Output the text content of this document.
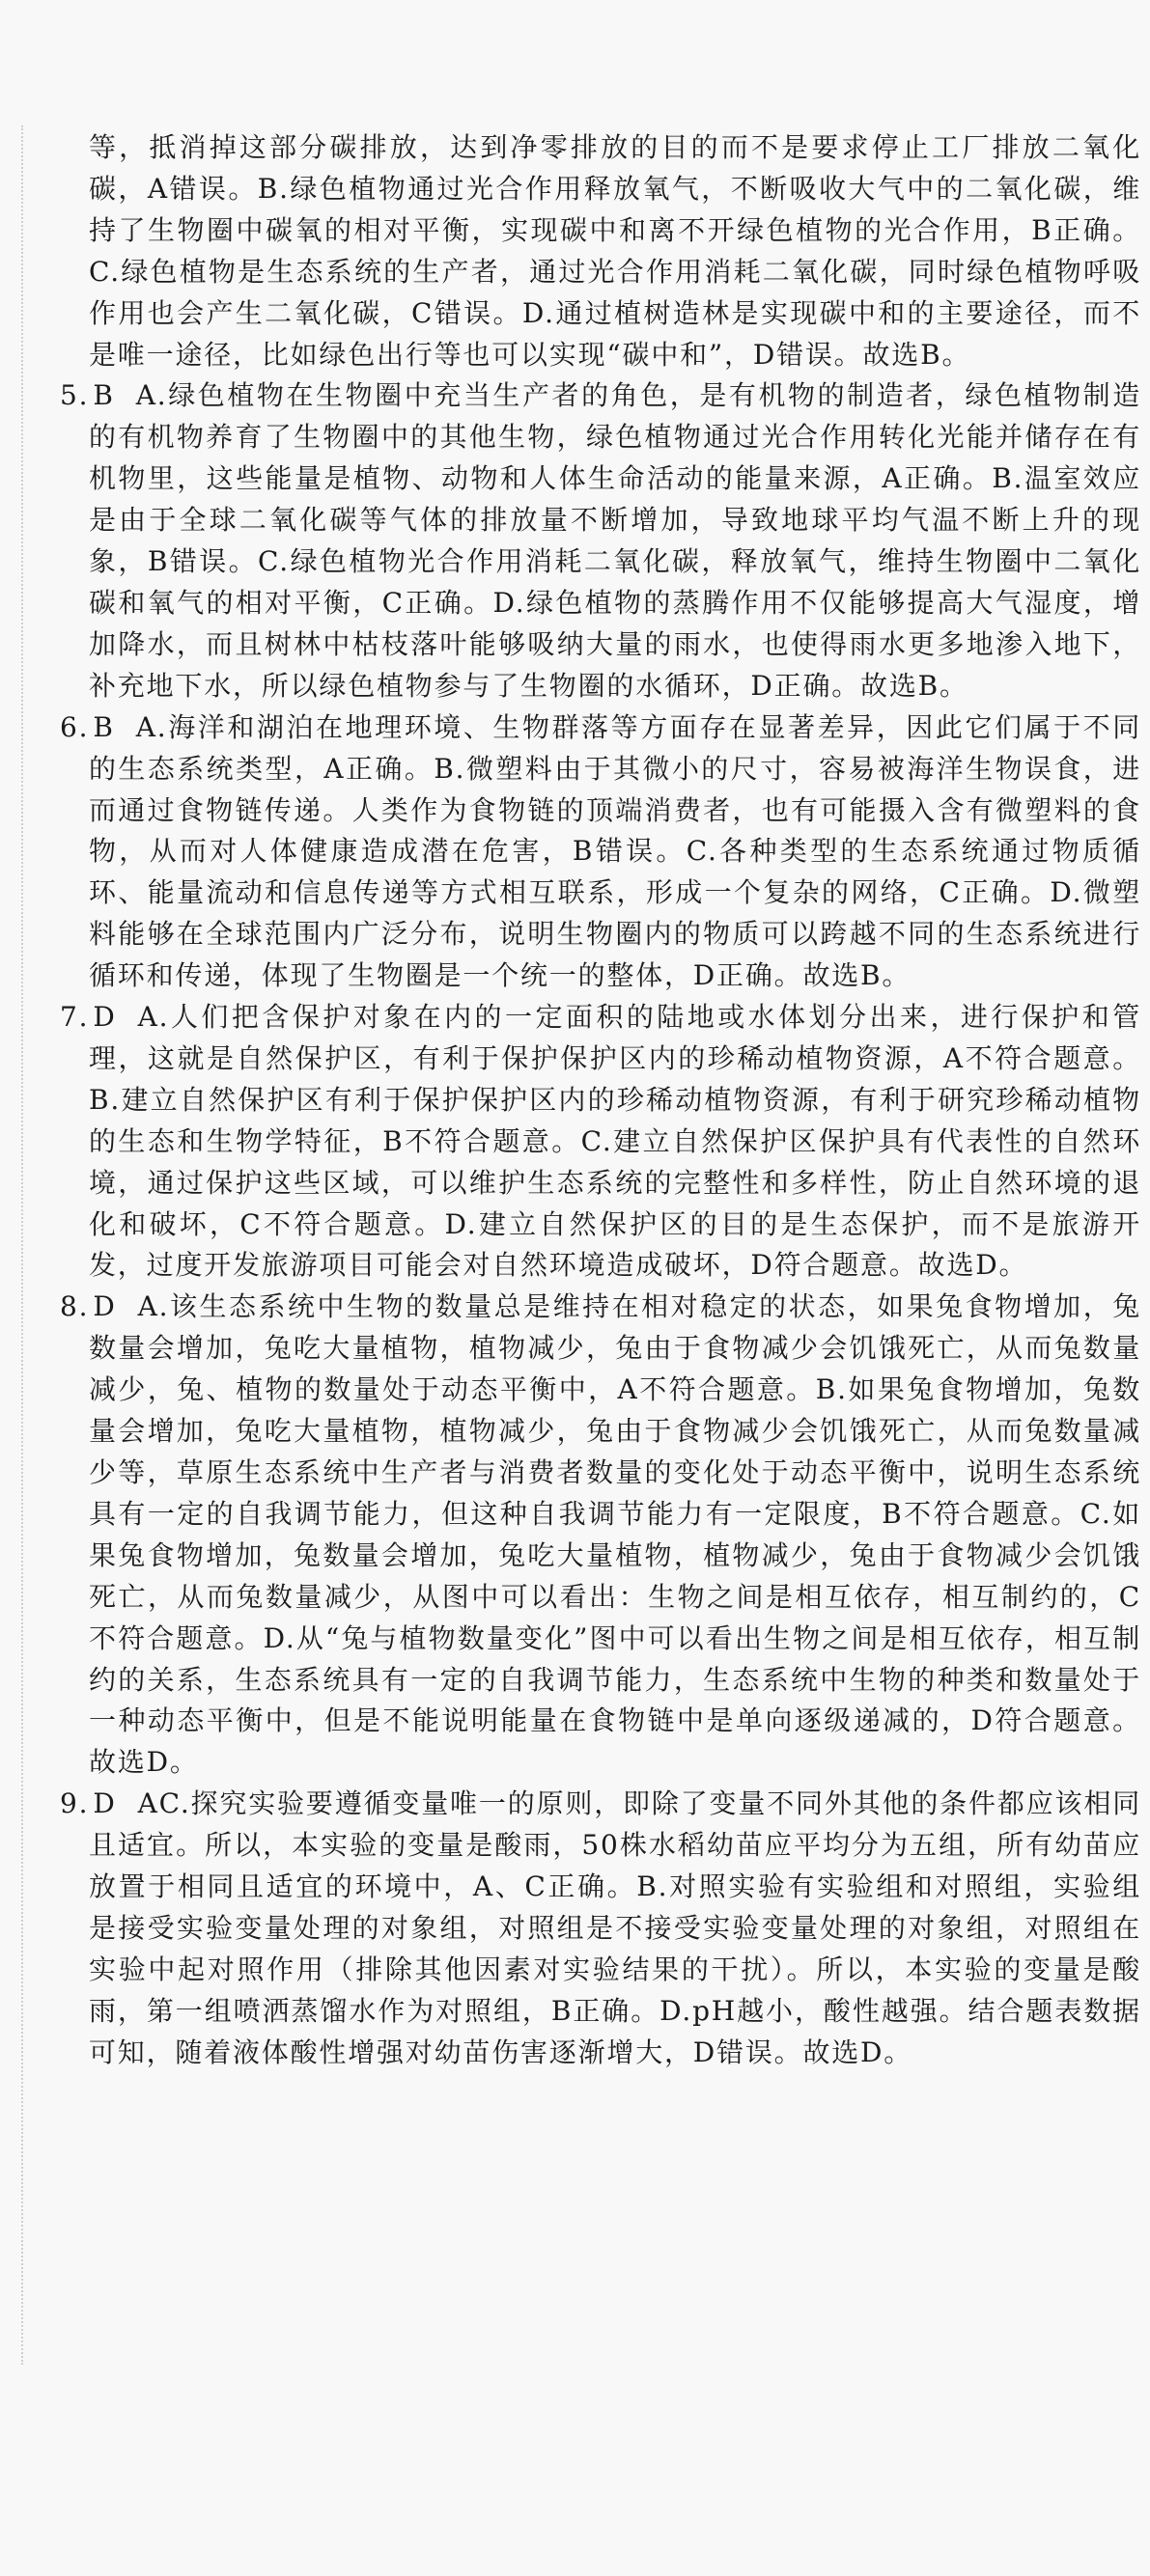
等，抵消掉这部分碳排放，达到净零排放的目的而不是要求停止工厂排放二氧化碳，A错误。B.绿色植物通过光合作用释放氧气，不断吸收大气中的二氧化碳，维持了生物圈中碳氧的相对平衡，实现碳中和离不开绿色植物的光合作用，B正确。C.绿色植物是生态系统的生产者，通过光合作用消耗二氧化碳，同时绿色植物呼吸作用也会产生二氧化碳，C错误。D.通过植树造林是实现碳中和的主要途径，而不是唯一途径，比如绿色出行等也可以实现“碳中和”，D错误。故选B。

5. B A.绿色植物在生物圈中充当生产者的角色，是有机物的制造者，绿色植物制造的有机物养育了生物圈中的其他生物，绿色植物通过光合作用转化光能并储存在有机物里，这些能量是植物、动物和人体生命活动的能量来源，A正确。B.温室效应是由于全球二氧化碳等气体的排放量不断增加，导致地球平均气温不断上升的现象，B错误。C.绿色植物光合作用消耗二氧化碳，释放氧气，维持生物圈中二氧化碳和氧气的相对平衡，C正确。D.绿色植物的蒸腾作用不仅能够提高大气湿度，增加降水，而且树林中枯枝落叶能够吸纳大量的雨水，也使得雨水更多地渗入地下，补充地下水，所以绿色植物参与了生物圈的水循环，D正确。故选B。

6. B A.海洋和湖泊在地理环境、生物群落等方面存在显著差异，因此它们属于不同的生态系统类型，A正确。B.微塑料由于其微小的尺寸，容易被海洋生物误食，进而通过食物链传递。人类作为食物链的顶端消费者，也有可能摄入含有微塑料的食物，从而对人体健康造成潜在危害，B错误。C.各种类型的生态系统通过物质循环、能量流动和信息传递等方式相互联系，形成一个复杂的网络，C正确。D.微塑料能够在全球范围内广泛分布，说明生物圈内的物质可以跨越不同的生态系统进行循环和传递，体现了生物圈是一个统一的整体，D正确。故选B。

7. D A.人们把含保护对象在内的一定面积的陆地或水体划分出来，进行保护和管理，这就是自然保护区，有利于保护保护区内的珍稀动植物资源，A不符合题意。B.建立自然保护区有利于保护保护区内的珍稀动植物资源，有利于研究珍稀动植物的生态和生物学特征，B不符合题意。C.建立自然保护区保护具有代表性的自然环境，通过保护这些区域，可以维护生态系统的完整性和多样性，防止自然环境的退化和破坏，C不符合题意。D.建立自然保护区的目的是生态保护，而不是旅游开发，过度开发旅游项目可能会对自然环境造成破坏，D符合题意。故选D。

8. D A.该生态系统中生物的数量总是维持在相对稳定的状态，如果兔食物增加，兔数量会增加，兔吃大量植物，植物减少，兔由于食物减少会饥饿死亡，从而兔数量减少，兔、植物的数量处于动态平衡中，A不符合题意。B.如果兔食物增加，兔数量会增加，兔吃大量植物，植物减少，兔由于食物减少会饥饿死亡，从而兔数量减少等，草原生态系统中生产者与消费者数量的变化处于动态平衡中，说明生态系统具有一定的自我调节能力，但这种自我调节能力有一定限度，B不符合题意。C.如果兔食物增加，兔数量会增加，兔吃大量植物，植物减少，兔由于食物减少会饥饿死亡，从而兔数量减少，从图中可以看出：生物之间是相互依存，相互制约的，C不符合题意。D.从“兔与植物数量变化”图中可以看出生物之间是相互依存，相互制约的关系，生态系统具有一定的自我调节能力，生态系统中生物的种类和数量处于一种动态平衡中，但是不能说明能量在食物链中是单向逐级递减的，D符合题意。故选D。

9. D AC.探究实验要遵循变量唯一的原则，即除了变量不同外其他的条件都应该相同且适宜。所以，本实验的变量是酸雨，50株水稻幼苗应平均分为五组，所有幼苗应放置于相同且适宜的环境中，A、C正确。B.对照实验有实验组和对照组，实验组是接受实验变量处理的对象组，对照组是不接受实验变量处理的对象组，对照组在实验中起对照作用（排除其他因素对实验结果的干扰）。所以，本实验的变量是酸雨，第一组喷洒蒸馏水作为对照组，B正确。D.pH越小，酸性越强。结合题表数据可知，随着液体酸性增强对幼苗伤害逐渐增大，D错误。故选D。
